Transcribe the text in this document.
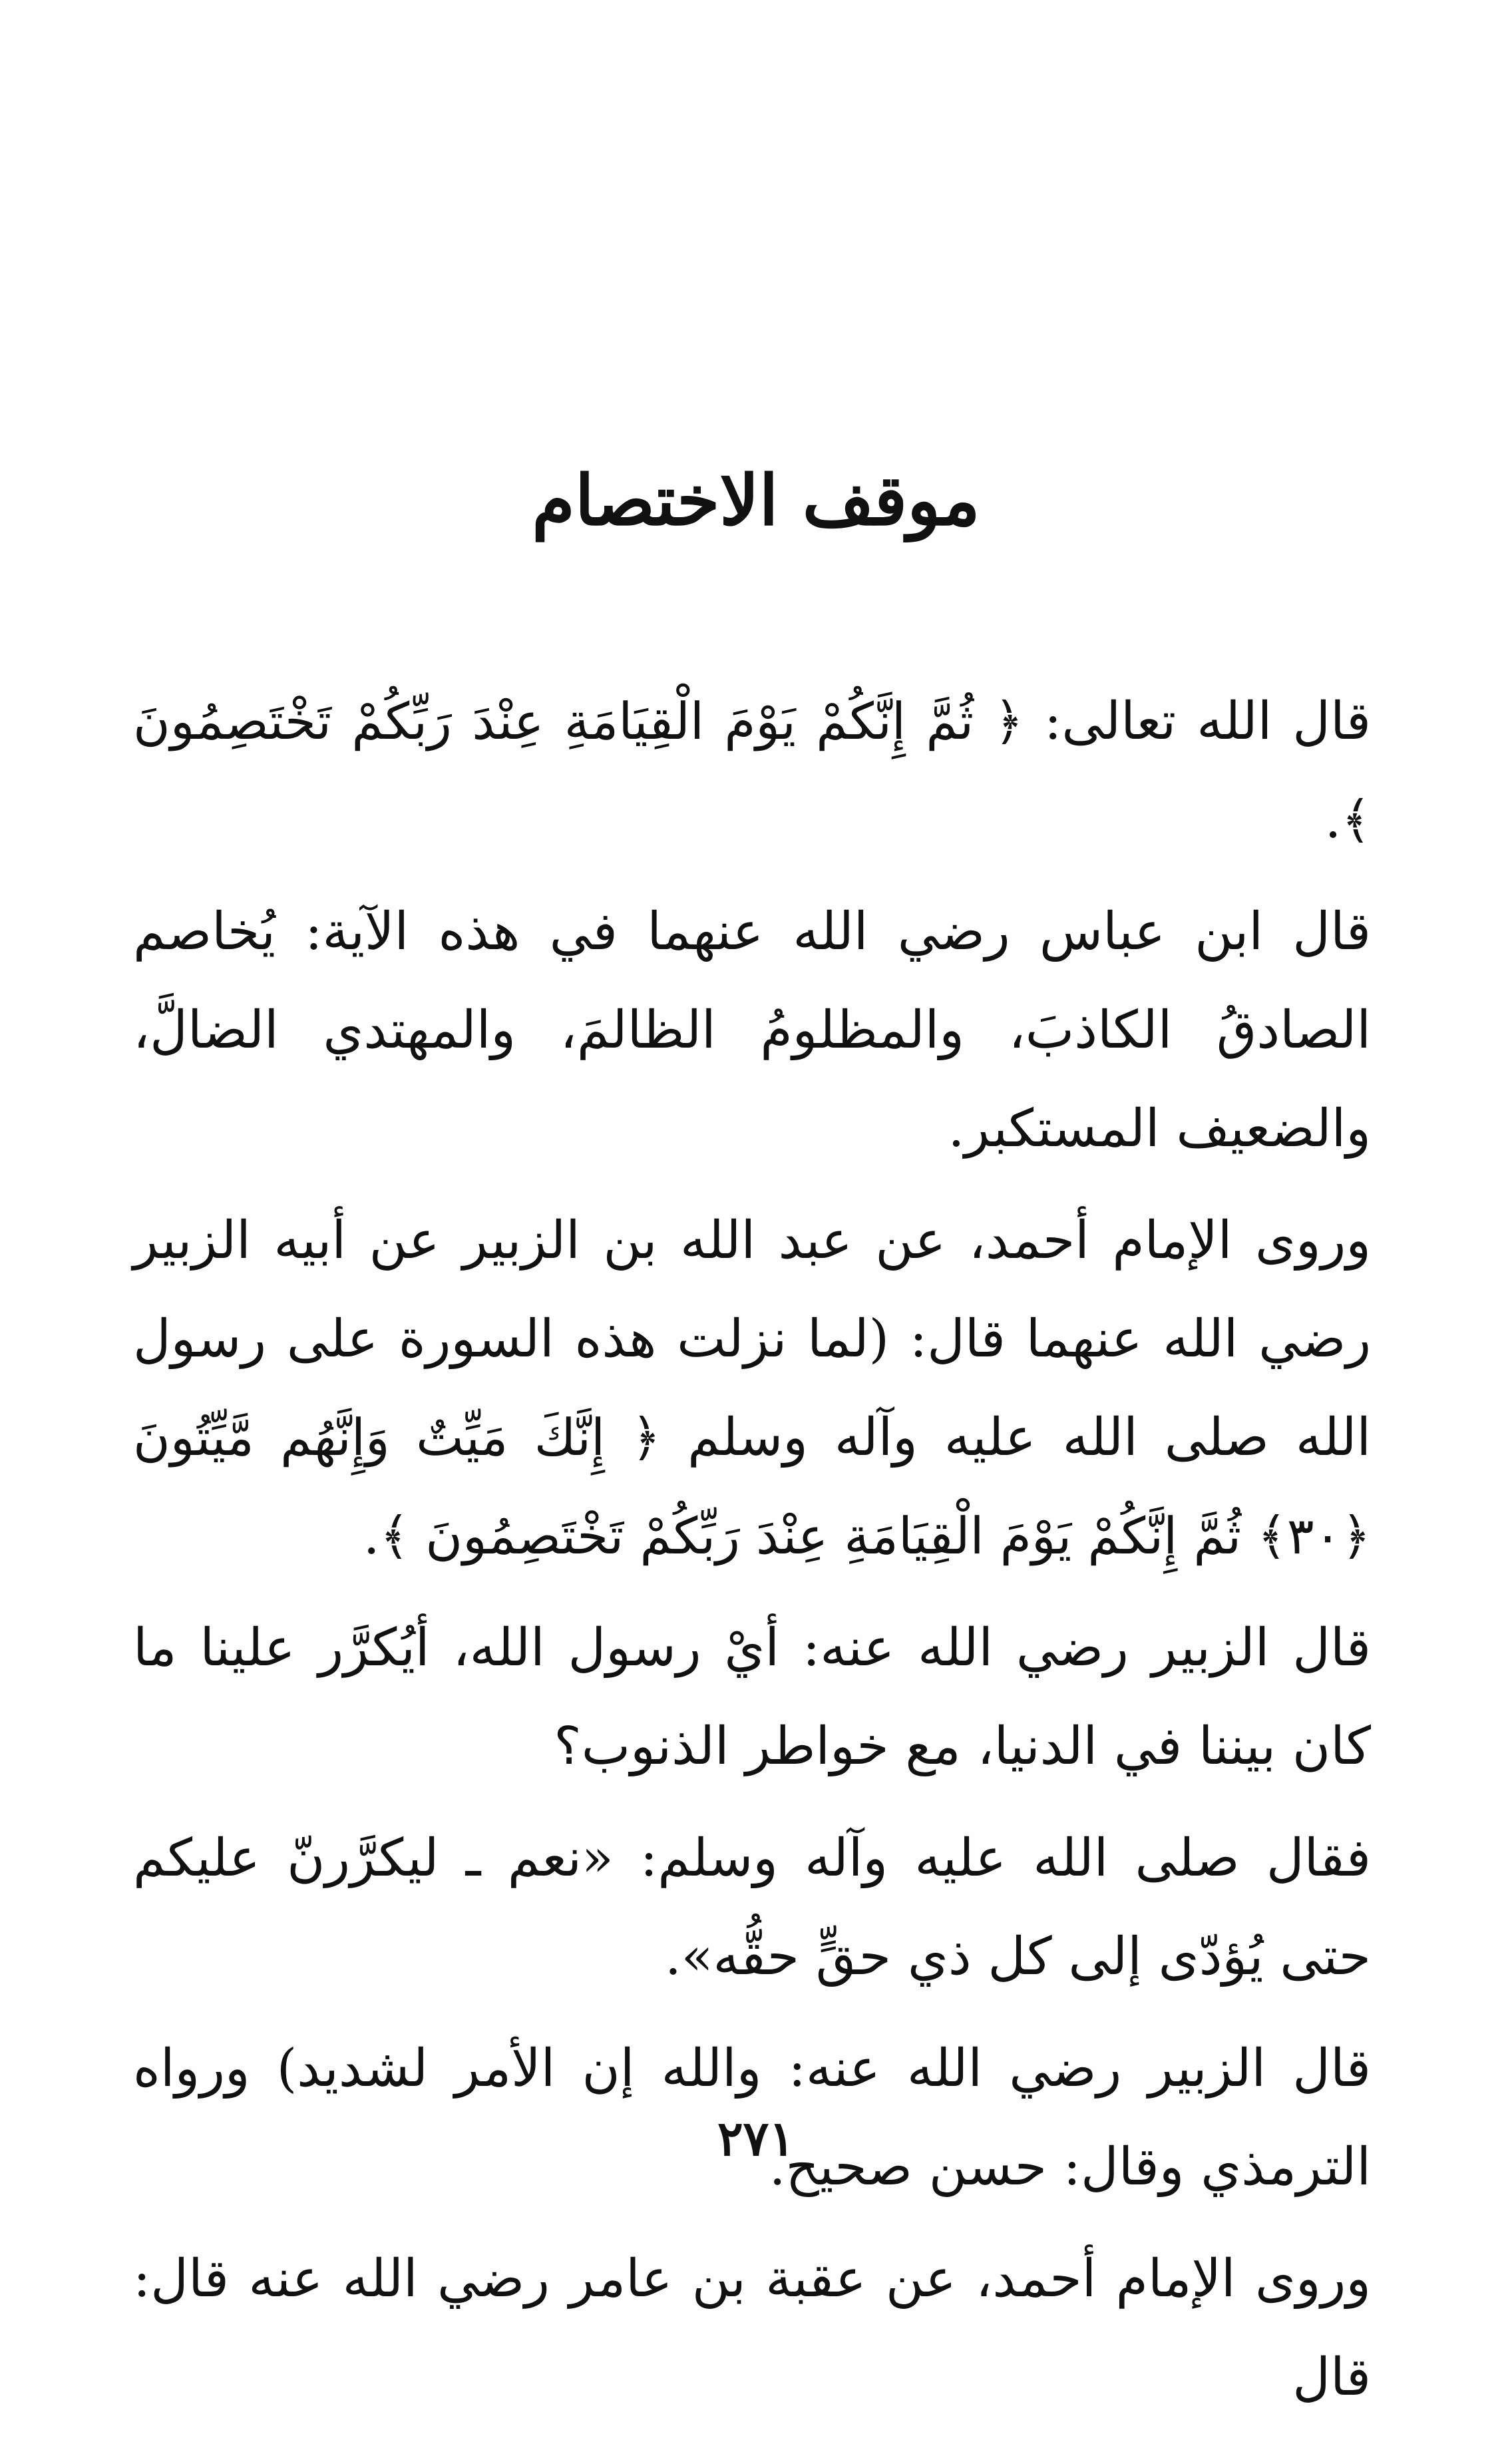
موقف الاختصام

قال الله تعالى: ﴿ ثُمَّ إِنَّكُمْ يَوْمَ الْقِيَامَةِ عِنْدَ رَبِّكُمْ تَخْتَصِمُونَ ﴾.

قال ابن عباس رضي الله عنهما في هذه الآية: يُخاصم الصادقُ الكاذبَ، والمظلومُ الظالمَ، والمهتدي الضالَّ، والضعيف المستكبر.

وروى الإمام أحمد، عن عبد الله بن الزبير عن أبيه الزبير رضي الله عنهما قال: (لما نزلت هذه السورة على رسول الله صلى الله عليه وآله وسلم ﴿ إِنَّكَ مَيِّتٌ وَإِنَّهُم مَّيِّتُونَ ﴿٣٠﴾ ثُمَّ إِنَّكُمْ يَوْمَ الْقِيَامَةِ عِنْدَ رَبِّكُمْ تَخْتَصِمُونَ ﴾.

قال الزبير رضي الله عنه: أيْ رسول الله، أيُكرَّر علينا ما كان بيننا في الدنيا، مع خواطر الذنوب؟

فقال صلى الله عليه وآله وسلم: «نعم ـ ليكرَّرنّ عليكم حتى يُؤدّى إلى كل ذي حقٍّ حقُّه».

قال الزبير رضي الله عنه: والله إن الأمر لشديد) ورواه الترمذي وقال: حسن صحيح.

وروى الإمام أحمد، عن عقبة بن عامر رضي الله عنه قال: قال

٢٧١
